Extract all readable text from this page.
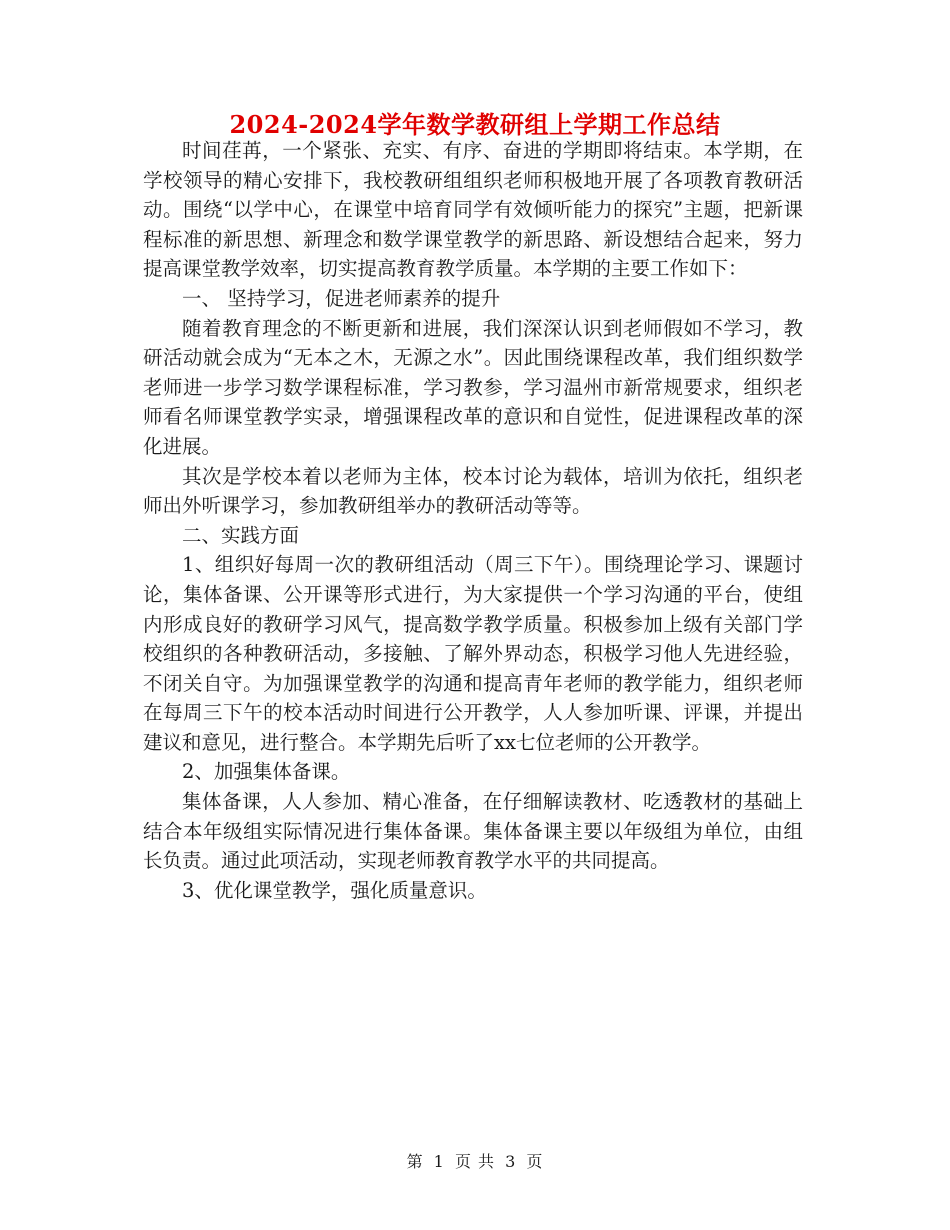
2024-2024学年数学教研组上学期工作总结

时间荏苒，一个紧张、充实、有序、奋进的学期即将结束。本学期，在学校领导的精心安排下，我校教研组组织老师积极地开展了各项教育教研活动。围绕“以学中心，在课堂中培育同学有效倾听能力的探究”主题，把新课程标准的新思想、新理念和数学课堂教学的新思路、新设想结合起来，努力提高课堂教学效率，切实提高教育教学质量。本学期的主要工作如下：

一、 坚持学习，促进老师素养的提升

随着教育理念的不断更新和进展，我们深深认识到老师假如不学习，教研活动就会成为“无本之木，无源之水”。因此围绕课程改革，我们组织数学老师进一步学习数学课程标准，学习教参，学习温州市新常规要求，组织老师看名师课堂教学实录，增强课程改革的意识和自觉性，促进课程改革的深化进展。

其次是学校本着以老师为主体，校本讨论为载体，培训为依托，组织老师出外听课学习，参加教研组举办的教研活动等等。

二、实践方面

1、组织好每周一次的教研组活动（周三下午）。围绕理论学习、课题讨论，集体备课、公开课等形式进行，为大家提供一个学习沟通的平台，使组内形成良好的教研学习风气，提高数学教学质量。积极参加上级有关部门学校组织的各种教研活动，多接触、了解外界动态，积极学习他人先进经验，不闭关自守。为加强课堂教学的沟通和提高青年老师的教学能力，组织老师在每周三下午的校本活动时间进行公开教学，人人参加听课、评课，并提出建议和意见，进行整合。本学期先后听了xx七位老师的公开教学。

2、加强集体备课。

集体备课，人人参加、精心准备，在仔细解读教材、吃透教材的基础上结合本年级组实际情况进行集体备课。集体备课主要以年级组为单位，由组长负责。通过此项活动，实现老师教育教学水平的共同提高。

3、优化课堂教学，强化质量意识。

第 1 页 共 3 页
